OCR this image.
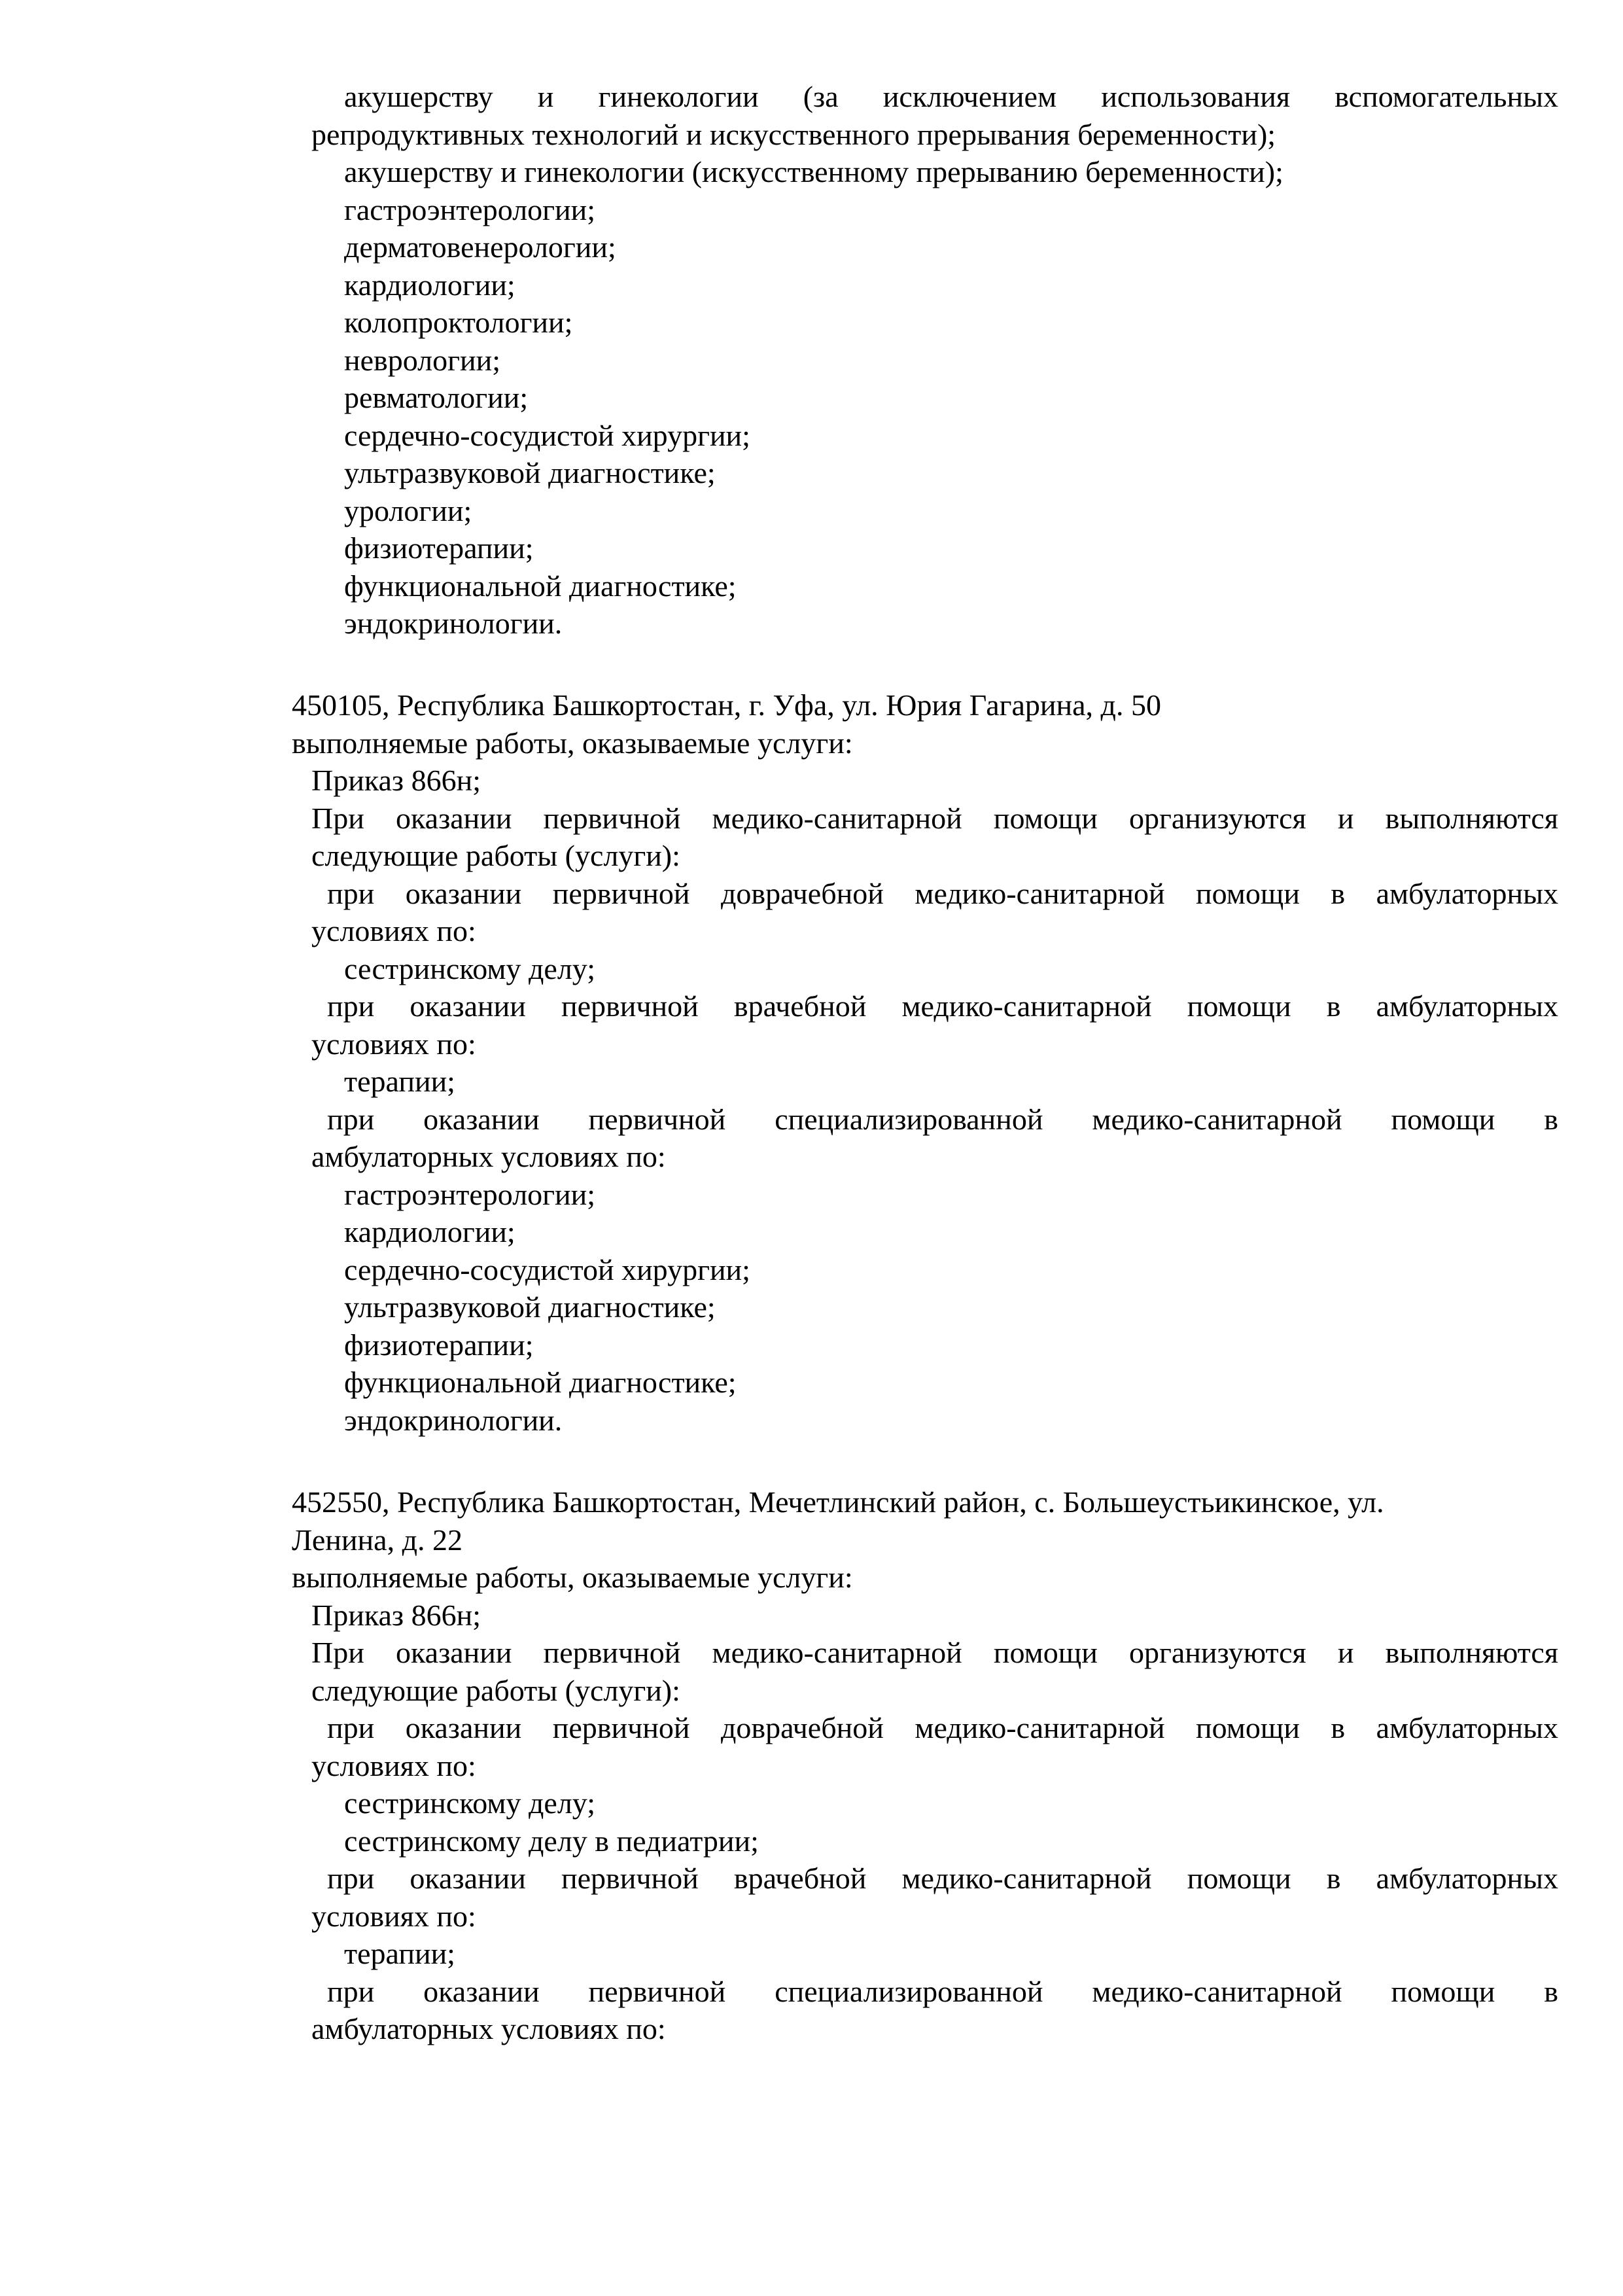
акушерству и гинекологии (за исключением использования вспомогательных
репродуктивных технологий и искусственного прерывания беременности);
акушерству и гинекологии (искусственному прерыванию беременности);
гастроэнтерологии;
дерматовенерологии;
кардиологии;
колопроктологии;
неврологии;
ревматологии;
сердечно-сосудистой хирургии;
ультразвуковой диагностике;
урологии;
физиотерапии;
функциональной диагностике;
эндокринологии.
450105, Республика Башкортостан, г. Уфа, ул. Юрия Гагарина, д. 50
выполняемые работы, оказываемые услуги:
Приказ 866н;
При оказании первичной медико-санитарной помощи организуются и выполняются
следующие работы (услуги):
при оказании первичной доврачебной медико-санитарной помощи в амбулаторных
условиях по:
сестринскому делу;
при оказании первичной врачебной медико-санитарной помощи в амбулаторных
условиях по:
терапии;
при оказании первичной специализированной медико-санитарной помощи в
амбулаторных условиях по:
гастроэнтерологии;
кардиологии;
сердечно-сосудистой хирургии;
ультразвуковой диагностике;
физиотерапии;
функциональной диагностике;
эндокринологии.
452550, Республика Башкортостан, Мечетлинский район, с. Большеустьикинское, ул.
Ленина, д. 22
выполняемые работы, оказываемые услуги:
Приказ 866н;
При оказании первичной медико-санитарной помощи организуются и выполняются
следующие работы (услуги):
при оказании первичной доврачебной медико-санитарной помощи в амбулаторных
условиях по:
сестринскому делу;
сестринскому делу в педиатрии;
при оказании первичной врачебной медико-санитарной помощи в амбулаторных
условиях по:
терапии;
при оказании первичной специализированной медико-санитарной помощи в
амбулаторных условиях по:
